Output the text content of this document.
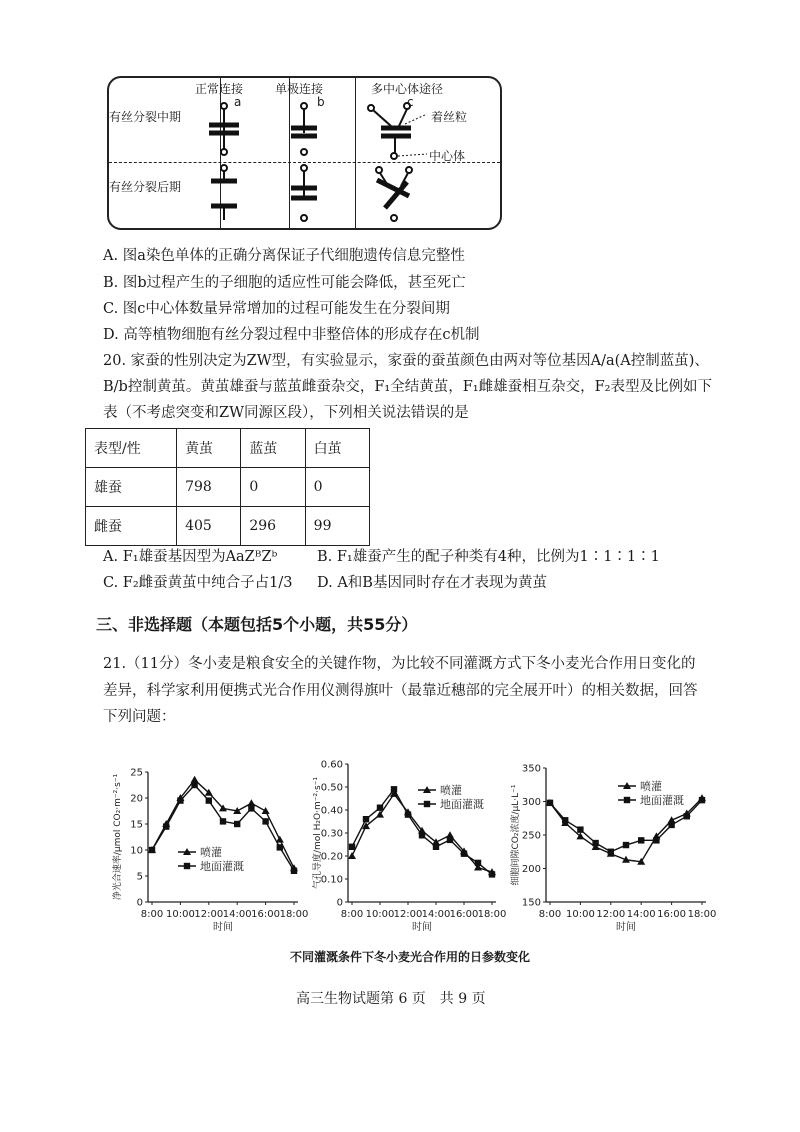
正常连接	单极连接	多中心体途径
a	b	c
有丝分裂中期
有丝分裂后期
着丝粒
中心体
A. 图a染色单体的正确分离保证子代细胞遗传信息完整性
B. 图b过程产生的子细胞的适应性可能会降低，甚至死亡
C. 图c中心体数量异常增加的过程可能发生在分裂间期
D. 高等植物细胞有丝分裂过程中非整倍体的形成存在c机制
20. 家蚕的性别决定为ZW型，有实验显示，家蚕的蚕茧颜色由两对等位基因A/a(A控制蓝茧)、
B/b控制黄茧。黄茧雄蚕与蓝茧雌蚕杂交，F₁全结黄茧，F₁雌雄蚕相互杂交，F₂表型及比例如下
表（不考虑突变和ZW同源区段），下列相关说法错误的是
表型/性	黄茧	蓝茧	白茧
雄蚕	798	0	0
雌蚕	405	296	99
A. F₁雄蚕基因型为AaZᴮZᵇ	B. F₁雄蚕产生的配子种类有4种，比例为1∶1∶1∶1
C. F₂雌蚕黄茧中纯合子占1/3 D. A和B基因同时存在才表现为黄茧
三、非选择题（本题包括5个小题，共55分）
21.（11分）冬小麦是粮食安全的关键作物，为比较不同灌溉方式下冬小麦光合作用日变化的
差异，科学家利用便携式光合作用仪测得旗叶（最靠近穗部的完全展开叶）的相关数据，回答
下列问题：
0
5
10
15
20
25
8:00 10:00 12:00 14:00 16:00 18:00
时间
净光合速率/μmol CO₂·m⁻²·s⁻¹	喷灌
地面灌溉
0
0.10
0.20
0.30
0.40
0.50
0.60
8:00 10:00 12:00 14:00 16:00 18:00
时间
气孔导度/mol H₂O·m⁻²·s⁻¹	喷灌
地面灌溉
150
200
250
300
350
8:00 10:00 12:00 14:00 16:00 18:00
时间
细胞间隙CO₂浓度/μL·L⁻¹	喷灌
地面灌溉
不同灌溉条件下冬小麦光合作用的日参数变化
高三生物试题第 6 页　共 9 页
